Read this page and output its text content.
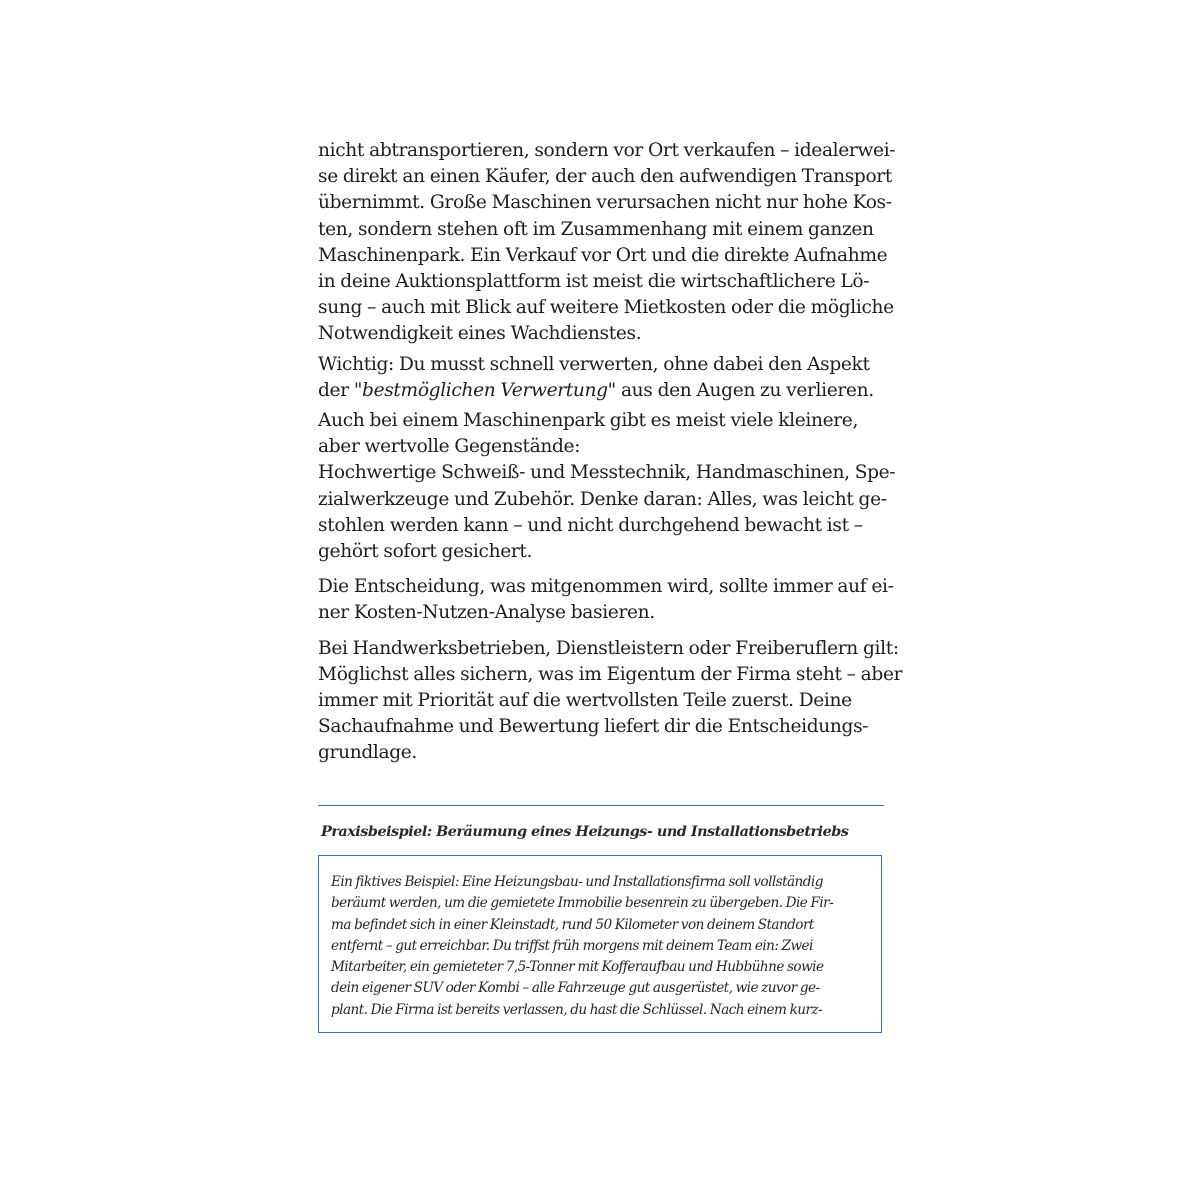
nicht abtransportieren, sondern vor Ort verkaufen – idealerwei-
se direkt an einen Käufer, der auch den aufwendigen Transport
übernimmt. Große Maschinen verursachen nicht nur hohe Kos-
ten, sondern stehen oft im Zusammenhang mit einem ganzen
Maschinenpark. Ein Verkauf vor Ort und die direkte Aufnahme
in deine Auktionsplattform ist meist die wirtschaftlichere Lö-
sung – auch mit Blick auf weitere Mietkosten oder die mögliche
Notwendigkeit eines Wachdienstes.

Wichtig: Du musst schnell verwerten, ohne dabei den Aspekt
der "bestmöglichen Verwertung" aus den Augen zu verlieren.

Auch bei einem Maschinenpark gibt es meist viele kleinere,
aber wertvolle Gegenstände:
Hochwertige Schweiß- und Messtechnik, Handmaschinen, Spe-
zialwerkzeuge und Zubehör. Denke daran: Alles, was leicht ge-
stohlen werden kann – und nicht durchgehend bewacht ist –
gehört sofort gesichert.

Die Entscheidung, was mitgenommen wird, sollte immer auf ei-
ner Kosten-Nutzen-Analyse basieren.

Bei Handwerksbetrieben, Dienstleistern oder Freiberuflern gilt:
Möglichst alles sichern, was im Eigentum der Firma steht – aber
immer mit Priorität auf die wertvollsten Teile zuerst. Deine
Sachaufnahme und Bewertung liefert dir die Entscheidungs-
grundlage.

Praxisbeispiel: Beräumung eines Heizungs- und Installationsbetriebs
Ein fiktives Beispiel: Eine Heizungsbau- und Installationsfirma soll vollständig
beräumt werden, um die gemietete Immobilie besenrein zu übergeben. Die Fir-
ma befindet sich in einer Kleinstadt, rund 50 Kilometer von deinem Standort
entfernt – gut erreichbar. Du triffst früh morgens mit deinem Team ein: Zwei
Mitarbeiter, ein gemieteter 7,5-Tonner mit Kofferaufbau und Hubbühne sowie
dein eigener SUV oder Kombi – alle Fahrzeuge gut ausgerüstet, wie zuvor ge-
plant. Die Firma ist bereits verlassen, du hast die Schlüssel. Nach einem kurz-
